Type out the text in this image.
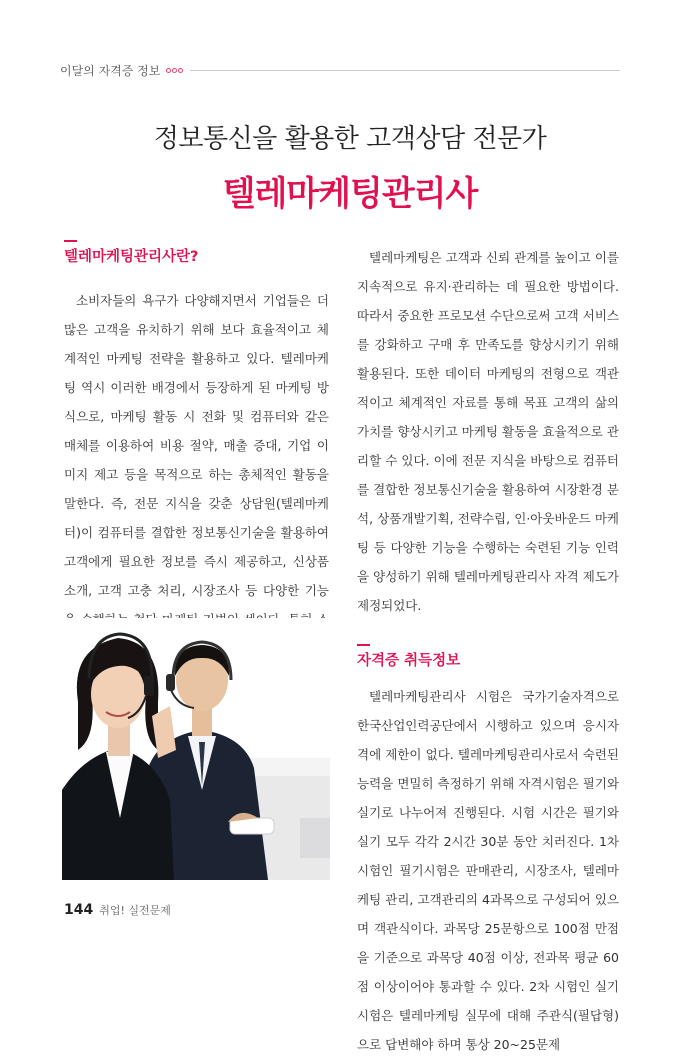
이달의 자격증 정보
정보통신을 활용한 고객상담 전문가
텔레마케팅관리사
텔레마케팅관리사란?

소비자들의 욕구가 다양해지면서 기업들은 더 많은 고객을 유치하기 위해 보다 효율적이고 체계적인 마케팅 전략을 활용하고 있다. 텔레마케팅 역시 이러한 배경에서 등장하게 된 마케팅 방식으로, 마케팅 활동 시 전화 및 컴퓨터와 같은 매체를 이용하여 비용 절약, 매출 증대, 기업 이미지 제고 등을 목적으로 하는 총체적인 활동을 말한다. 즉, 전문 지식을 갖춘 상담원(텔레마케터)이 컴퓨터를 결합한 정보통신기술을 활용하여 고객에게 필요한 정보를 즉시 제공하고, 신상품 소개, 고객 고충 처리, 시장조사 등 다양한 기능

텔레마케팅은 고객과 신뢰 관계를 높이고 이를 지속적으로 유지·관리하는 데 필요한 방법이다. 따라서 중요한 프로모션 수단으로써 고객 서비스를 강화하고 구매 후 만족도를 향상시키기 위해 활용된다. 또한 데이터 마케팅의 전형으로 객관적이고 체계적인 자료를 통해 목표 고객의 삶의 가치를 향상시키고 마케팅 활동을 효율적으로 관리할 수 있다. 이에 전문 지식을 바탕으로 컴퓨터를 결합한 정보통신기술을 활용하여 시장환경 분석, 상품개발기획, 전략수립, 인·아웃바운드 마케팅 등 다양한 기능을 수행하는 숙련된 기능 인력을 양성하기 위해 텔레마케팅관리사 자격 제도가 제정되었다.

자격증 취득정보

텔레마케팅관리사 시험은 국가기술자격으로 한국산업인력공단에서 시행하고 있으며 응시자격에 제한이 없다. 텔레마케팅관리사로서 숙련된 능력을 면밀히 측정하기 위해 자격시험은 필기와 실기로 나누어져 진행된다. 시험 시간은 필기와 실기 모두 각각 2시간 30분 동안 치러진다. 1차 시험인 필기시험은 판매관리, 시장조사, 텔레마케팅 관리, 고객관리의 4과목으로 구성되어 있으며 객관식이다. 과목당 25문항으로 100점 만점을 기준으로 과목당 40점 이상, 전과목 평균 60점 이상이어야 통과할 수 있다. 2차 시험인 실기시험은 텔레마케팅 실무에 대해 주관식(필답형)으로 답변해야 하며 통상 20~25문제

144 취업! 실전문제
